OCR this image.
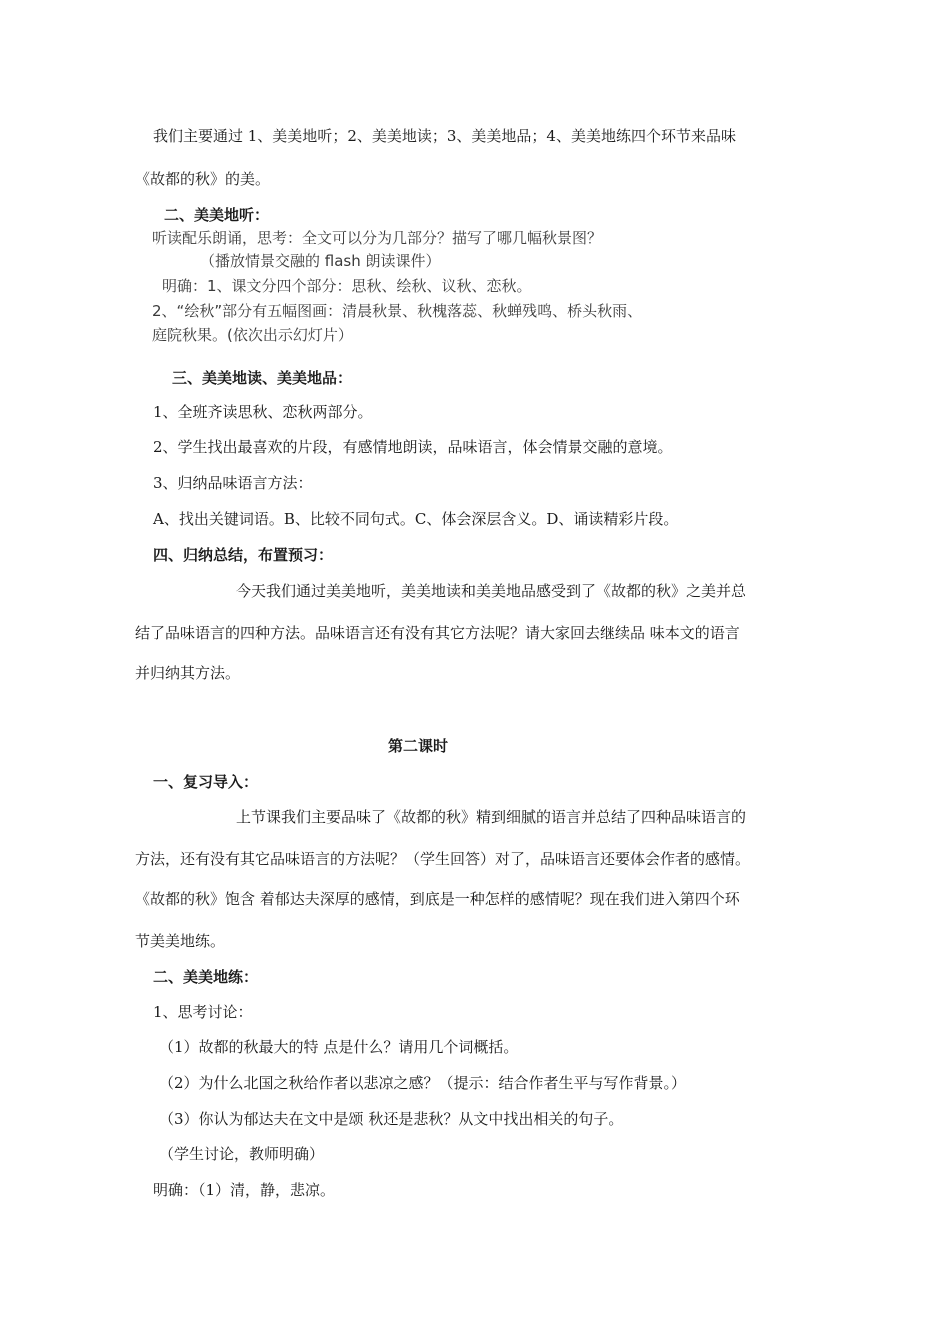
我们主要通过 1、美美地听；2、美美地读；3、美美地品；4、美美地练四个环节来品味
《故都的秋》的美。
二、美美地听：
听读配乐朗诵，思考：全文可以分为几部分？描写了哪几幅秋景图？
（播放情景交融的 flash 朗读课件）
明确：1、课文分四个部分：思秋、绘秋、议秋、恋秋。
2、“绘秋”部分有五幅图画：清晨秋景、秋槐落蕊、秋蝉残鸣、桥头秋雨、
庭院秋果。(依次出示幻灯片）
三、美美地读、美美地品：
1、全班齐读思秋、恋秋两部分。
2、学生找出最喜欢的片段，有感情地朗读，品味语言，体会情景交融的意境。
3、归纳品味语言方法：
A、找出关键词语。B、比较不同句式。C、体会深层含义。D、诵读精彩片段。
四、归纳总结，布置预习：
今天我们通过美美地听，美美地读和美美地品感受到了《故都的秋》之美并总
结了品味语言的四种方法。品味语言还有没有其它方法呢？请大家回去继续品 味本文的语言
并归纳其方法。
第二课时
一、复习导入：
上节课我们主要品味了《故都的秋》精到细腻的语言并总结了四种品味语言的
方法，还有没有其它品味语言的方法呢？（学生回答）对了，品味语言还要体会作者的感情。
《故都的秋》饱含 着郁达夫深厚的感情，到底是一种怎样的感情呢？现在我们进入第四个环
节美美地练。
二、美美地练：
1、思考讨论：
（1）故都的秋最大的特 点是什么？请用几个词概括。
（2）为什么北国之秋给作者以悲凉之感？（提示：结合作者生平与写作背景。）
（3）你认为郁达夫在文中是颂 秋还是悲秋？从文中找出相关的句子。
（学生讨论，教师明确）
明确：（1）清，静，悲凉。
